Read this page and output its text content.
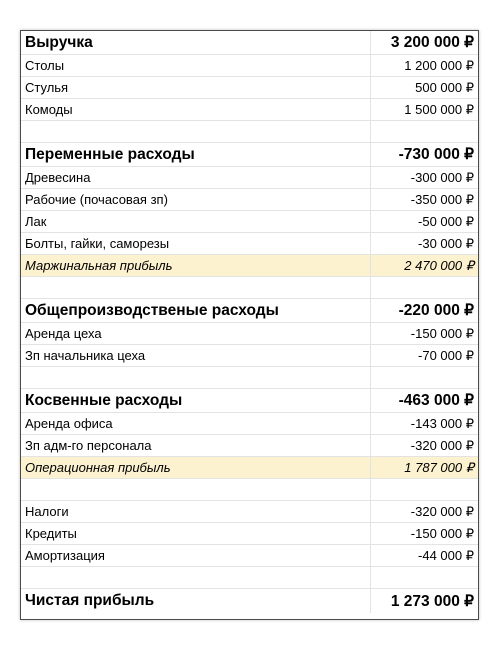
Выручка	3 200 000 ₽
Столы	1 200 000 ₽
Стулья	500 000 ₽
Комоды	1 500 000 ₽
Переменные расходы	-730 000 ₽
Древесина	-300 000 ₽
Рабочие (почасовая зп)	-350 000 ₽
Лак	-50 000 ₽
Болты, гайки, саморезы	-30 000 ₽
Маржинальная прибыль	2 470 000 ₽
Общепроизводственые расходы	-220 000 ₽
Аренда цеха	-150 000 ₽
Зп начальника цеха	-70 000 ₽
Косвенные расходы	-463 000 ₽
Аренда офиса	-143 000 ₽
Зп адм-го персонала	-320 000 ₽
Операционная прибыль	1 787 000 ₽
Налоги	-320 000 ₽
Кредиты	-150 000 ₽
Амортизация	-44 000 ₽
Чистая прибыль	1 273 000 ₽
